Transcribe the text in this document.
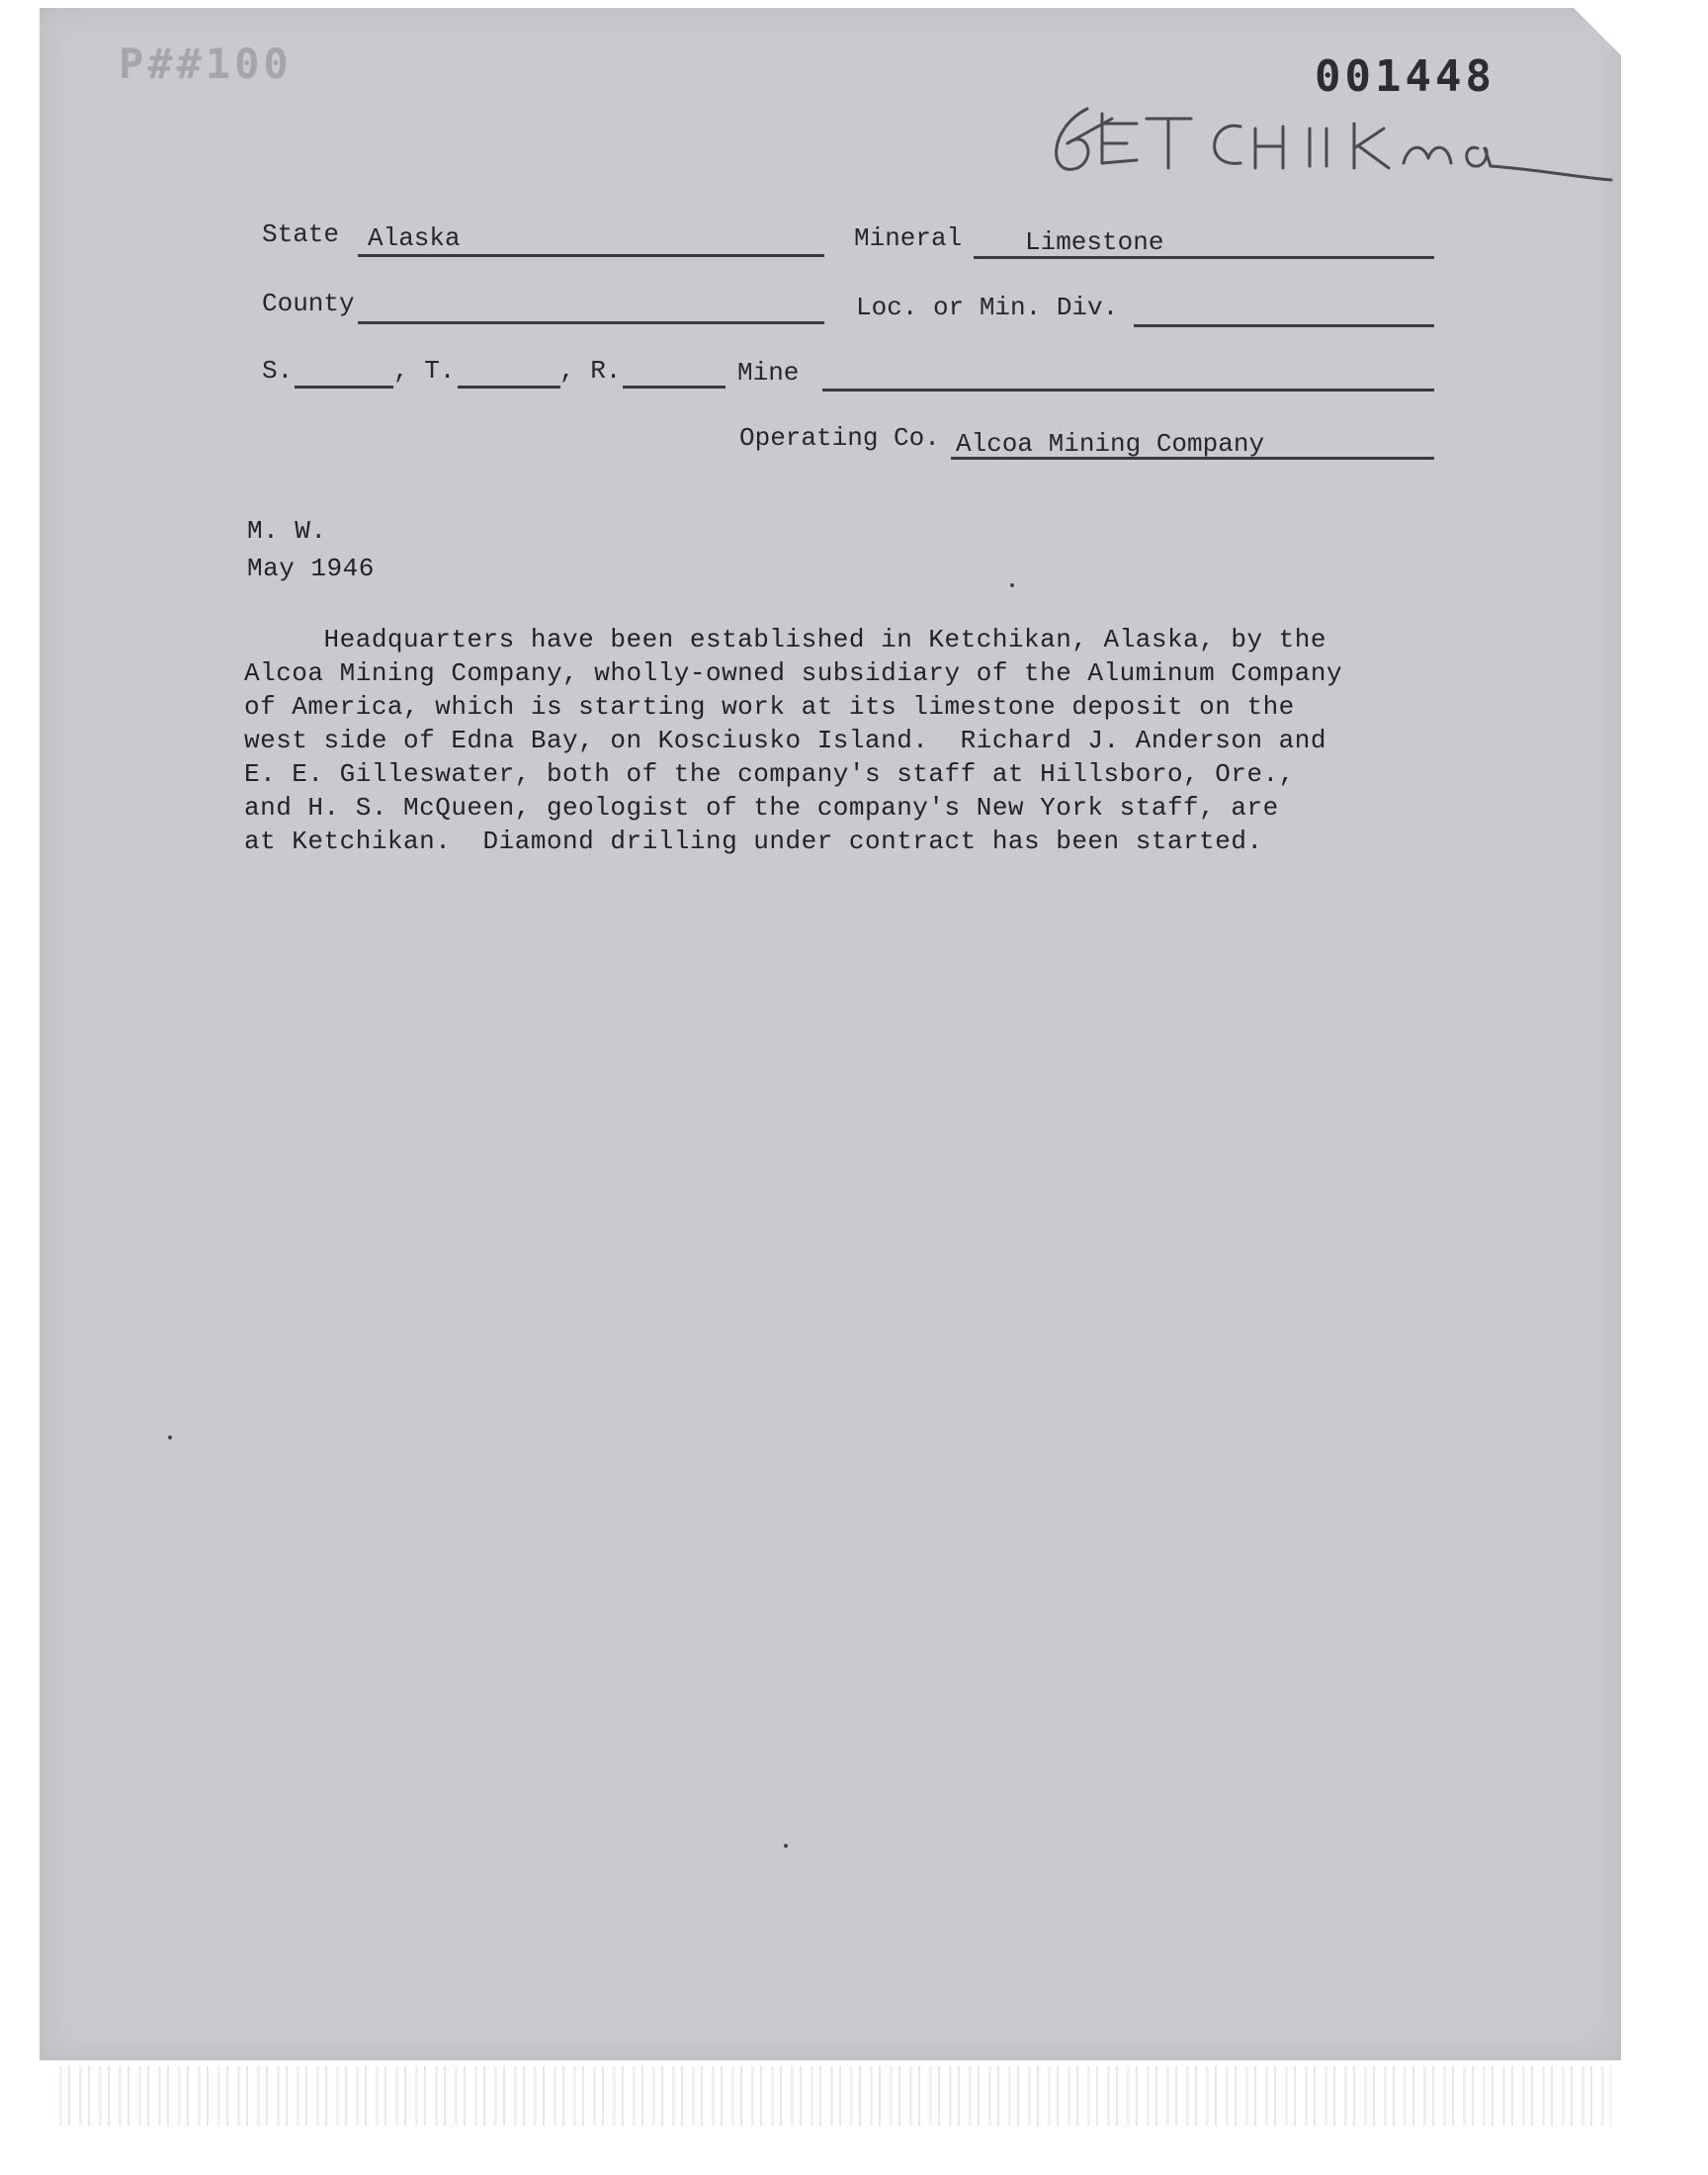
P##100	001448
State Alaska	Mineral Limestone
County	Loc. or Min. Div.
S.	, T.	, R.	Mine
Operating Co. Alcoa Mining Company
M. W.
May 1946
Headquarters have been established in Ketchikan, Alaska, by the
Alcoa Mining Company, wholly-owned subsidiary of the Aluminum Company
of America, which is starting work at its limestone deposit on the
west side of Edna Bay, on Kosciusko Island.  Richard J. Anderson and
E. E. Gilleswater, both of the company's staff at Hillsboro, Ore.,
and H. S. McQueen, geologist of the company's New York staff, are
at Ketchikan.  Diamond drilling under contract has been started.
